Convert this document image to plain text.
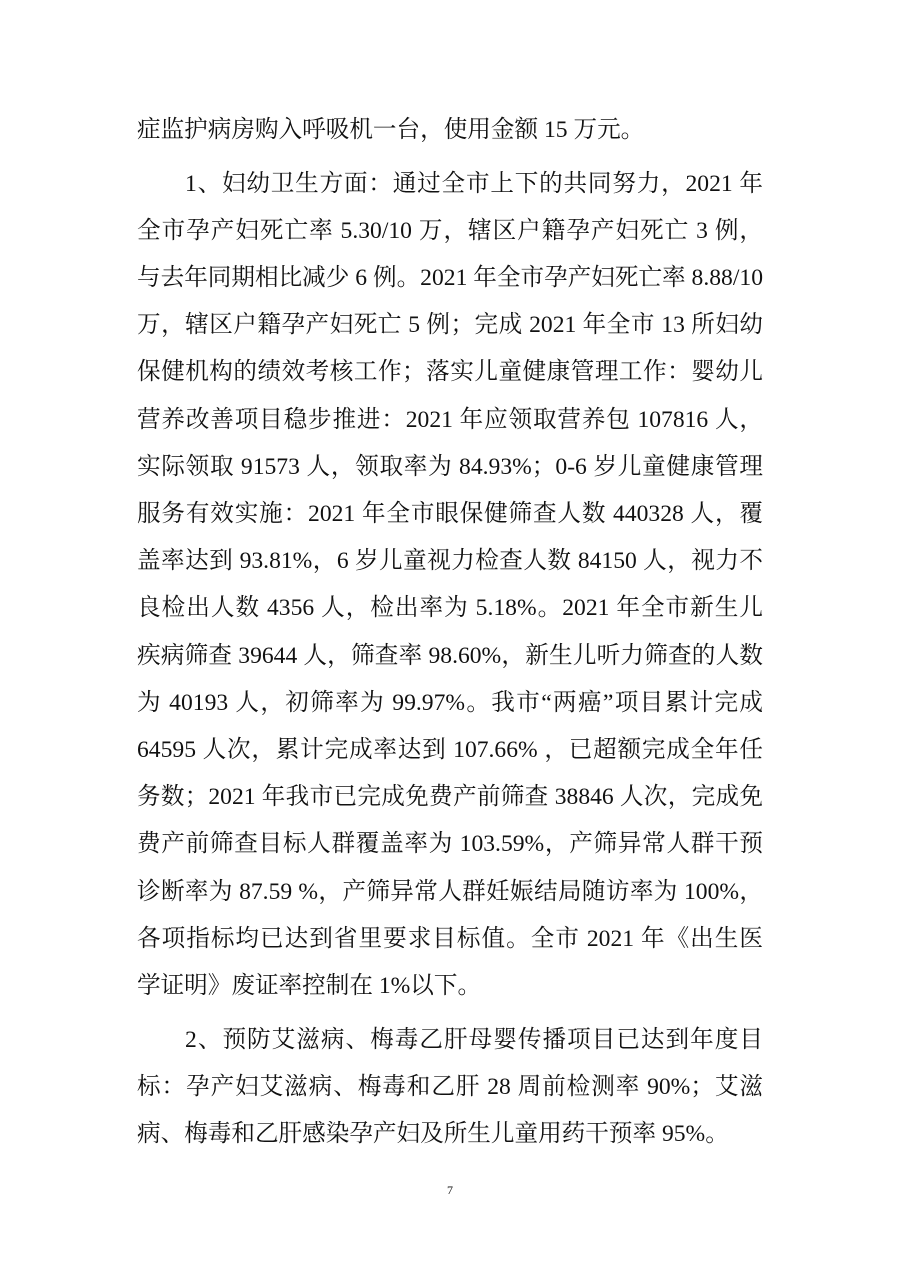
症监护病房购入呼吸机一台，使用金额 15 万元。
1、妇幼卫生方面：通过全市上下的共同努力，2021 年
全市孕产妇死亡率 5.30/10 万，辖区户籍孕产妇死亡 3 例，
与去年同期相比减少 6 例。2021 年全市孕产妇死亡率 8.88/10
万，辖区户籍孕产妇死亡 5 例；完成 2021 年全市 13 所妇幼
保健机构的绩效考核工作；落实儿童健康管理工作：婴幼儿
营养改善项目稳步推进：2021 年应领取营养包 107816 人，
实际领取 91573 人，领取率为 84.93%；0-6 岁儿童健康管理
服务有效实施：2021 年全市眼保健筛查人数 440328 人，覆
盖率达到 93.81%，6 岁儿童视力检查人数 84150 人，视力不
良检出人数 4356 人，检出率为 5.18%。2021 年全市新生儿
疾病筛查 39644 人，筛查率 98.60%，新生儿听力筛查的人数
为 40193 人，初筛率为 99.97%。我市“两癌”项目累计完成
64595 人次，累计完成率达到 107.66% ，已超额完成全年任
务数；2021 年我市已完成免费产前筛查 38846 人次，完成免
费产前筛查目标人群覆盖率为 103.59%，产筛异常人群干预
诊断率为 87.59 %，产筛异常人群妊娠结局随访率为 100%，
各项指标均已达到省里要求目标值。全市 2021 年《出生医
学证明》废证率控制在 1%以下。
2、预防艾滋病、梅毒乙肝母婴传播项目已达到年度目
标：孕产妇艾滋病、梅毒和乙肝 28 周前检测率 90%；艾滋
病、梅毒和乙肝感染孕产妇及所生儿童用药干预率 95%。
7
